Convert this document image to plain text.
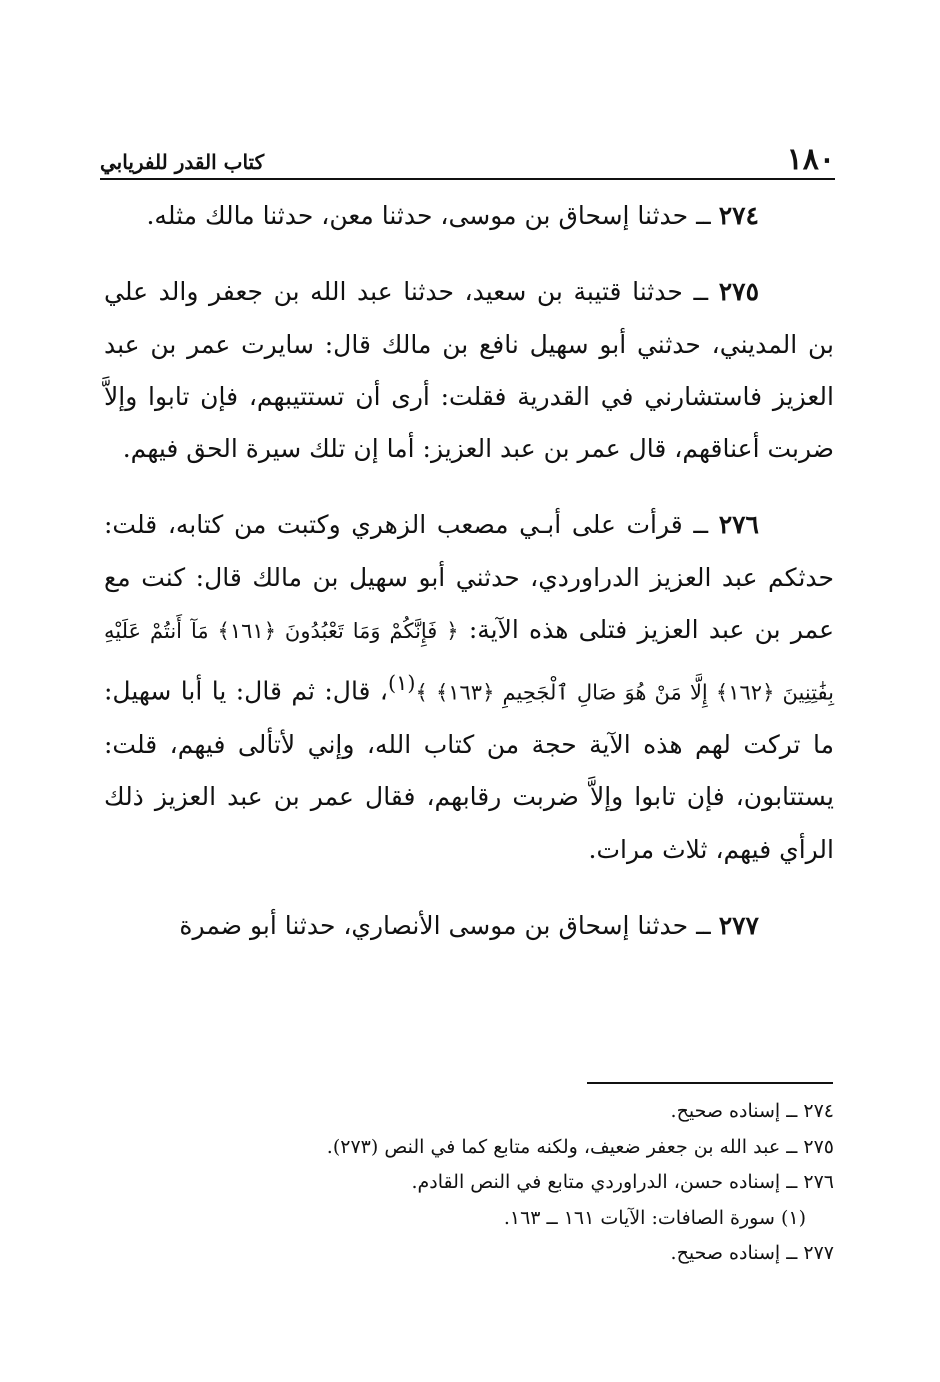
١٨٠
كتاب القدر للفريابي

٢٧٤ ــ حدثنا إسحاق بن موسى، حدثنا معن، حدثنا مالك مثله.

٢٧٥ ــ حدثنا قتيبة بن سعيد، حدثنا عبد الله بن جعفر والد علي بن المديني، حدثني أبو سهيل نافع بن مالك قال: سايرت عمر بن عبد العزيز فاستشارني في القدرية فقلت: أرى أن تستتيبهم، فإن تابوا وإلاَّ ضربت أعناقهم، قال عمر بن عبد العزيز: أما إن تلك سيرة الحق فيهم.

٢٧٦ ــ قرأت على أبـي مصعب الزهري وكتبت من كتابه، قلت: حدثكم عبد العزيز الدراوردي، حدثني أبو سهيل بن مالك قال: كنت مع عمر بن عبد العزيز فتلى هذه الآية: ﴿ فَإِنَّكُمْ وَمَا تَعْبُدُونَ ﴿١٦١﴾ مَآ أَنتُمْ عَلَيْهِ بِفَٰتِنِينَ ﴿١٦٢﴾ إِلَّا مَنْ هُوَ صَالِ ٱلْجَحِيمِ ﴿١٦٣﴾ ﴾$^{(١)}$، قال: ثم قال: يا أبا سهيل: ما تركت لهم هذه الآية حجة من كتاب الله، وإني لأتألى فيهم، قلت: يستتابون، فإن تابوا وإلاَّ ضربت رقابهم، فقال عمر بن عبد العزيز ذلك الرأي فيهم، ثلاث مرات.

٢٧٧ ــ حدثنا إسحاق بن موسى الأنصاري، حدثنا أبو ضمرة

٢٧٤ ــ إسناده صحيح.
٢٧٥ ــ عبد الله بن جعفر ضعيف، ولكنه متابع كما في النص (٢٧٣).
٢٧٦ ــ إسناده حسن، الدراوردي متابع في النص القادم.
(١) سورة الصافات: الآيات ١٦١ ــ ١٦٣.
٢٧٧ ــ إسناده صحيح.
